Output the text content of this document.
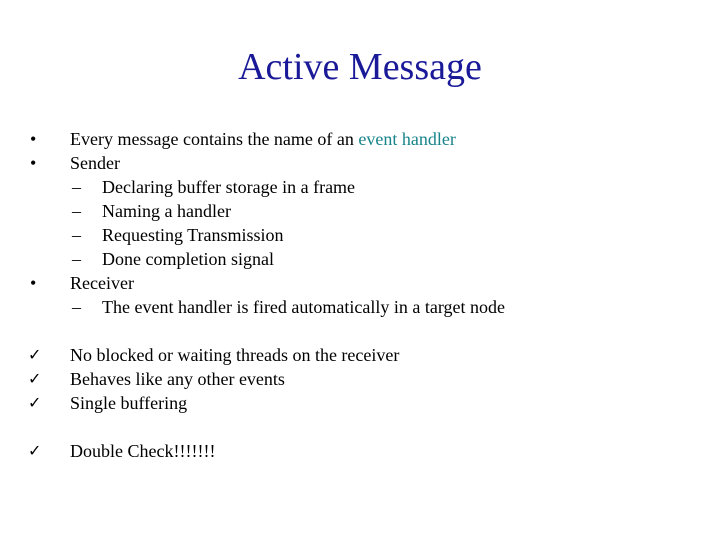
Active Message
• Every message contains the name of an event handler
• Sender
– Declaring buffer storage in a frame
– Naming a handler
– Requesting Transmission
– Done completion signal
• Receiver
– The event handler is fired automatically in a target node
✓ No blocked or waiting threads on the receiver
✓ Behaves like any other events
✓ Single buffering
✓ Double Check!!!!!!!
